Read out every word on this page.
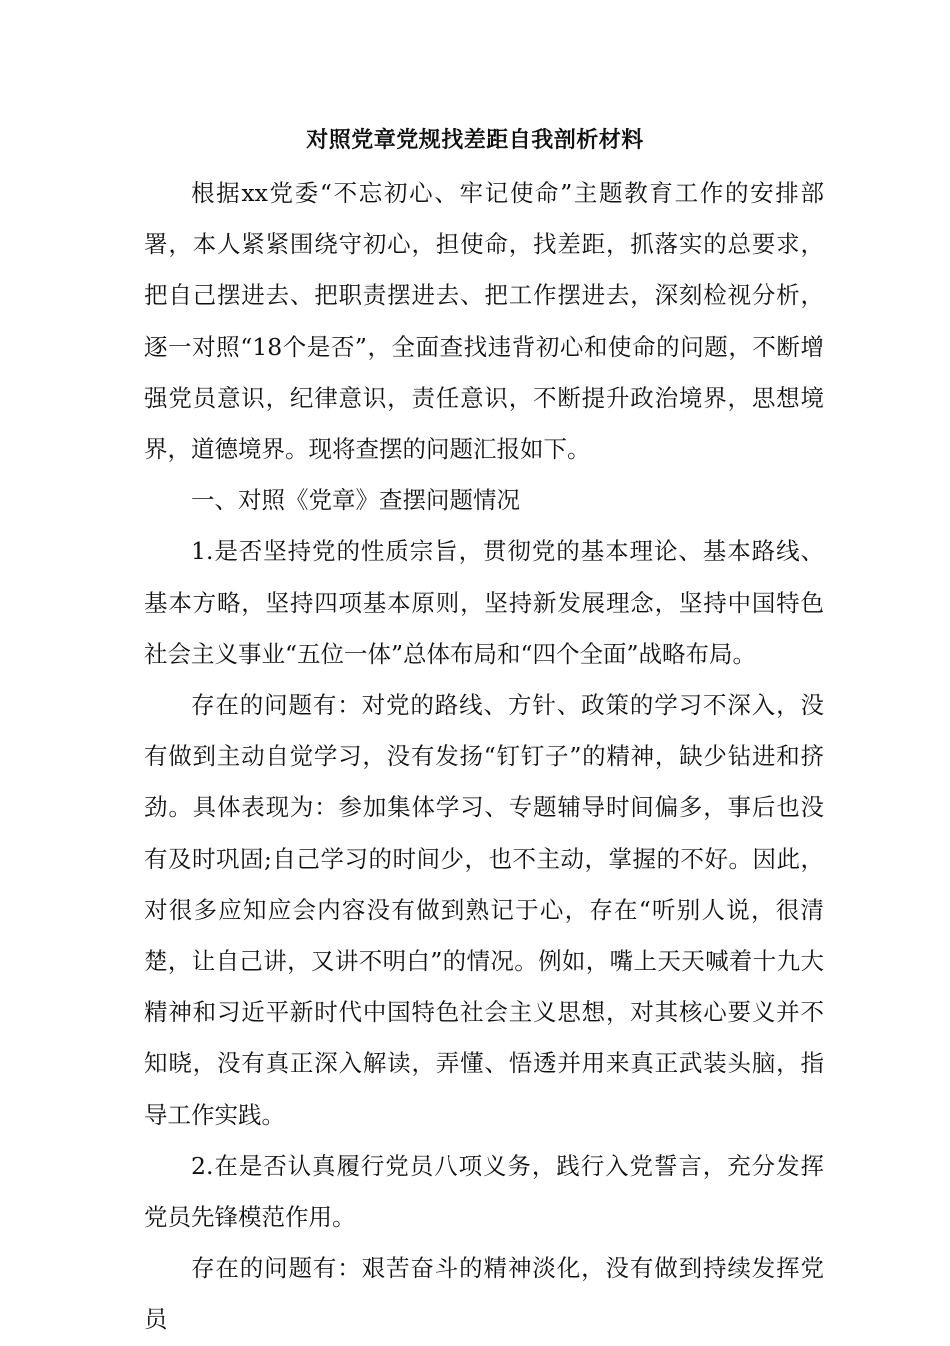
对照党章党规找差距自我剖析材料

根据xx党委“不忘初心、牢记使命”主题教育工作的安排部署，本人紧紧围绕守初心，担使命，找差距，抓落实的总要求，把自己摆进去、把职责摆进去、把工作摆进去，深刻检视分析，逐一对照“18个是否”，全面查找违背初心和使命的问题，不断增强党员意识，纪律意识，责任意识，不断提升政治境界，思想境界，道德境界。现将查摆的问题汇报如下。

一、对照《党章》查摆问题情况

1.是否坚持党的性质宗旨，贯彻党的基本理论、基本路线、基本方略，坚持四项基本原则，坚持新发展理念，坚持中国特色社会主义事业“五位一体”总体布局和“四个全面”战略布局。

存在的问题有：对党的路线、方针、政策的学习不深入，没有做到主动自觉学习，没有发扬“钉钉子”的精神，缺少钻进和挤劲。具体表现为：参加集体学习、专题辅导时间偏多，事后也没有及时巩固;自己学习的时间少，也不主动，掌握的不好。因此，对很多应知应会内容没有做到熟记于心，存在“听别人说，很清楚，让自己讲，又讲不明白”的情况。例如，嘴上天天喊着十九大精神和习近平新时代中国特色社会主义思想，对其核心要义并不知晓，没有真正深入解读，弄懂、悟透并用来真正武装头脑，指导工作实践。

2.在是否认真履行党员八项义务，践行入党誓言，充分发挥党员先锋模范作用。

存在的问题有：艰苦奋斗的精神淡化，没有做到持续发挥党员
